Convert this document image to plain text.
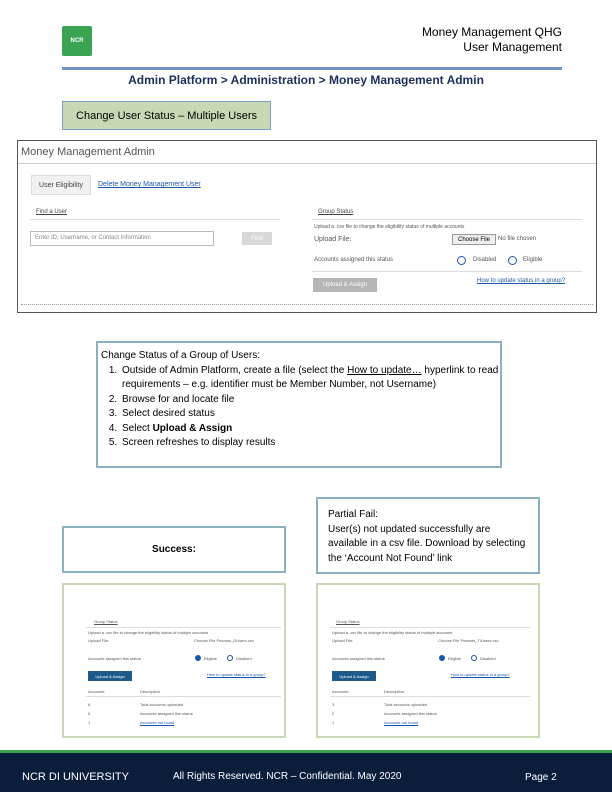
NCR
Money Management QHG
User Management
Admin Platform > Administration > Money Management Admin
Change User Status – Multiple Users
Money Management Admin
User Eligibility	Delete Money Management User
Find a User
Enter ID, Username, or Contact Information	Find
Group Status
Upload a .csv file to change the eligibility status of multiple accounts
Upload File:	Choose File	No file chosen
Accounts assigned this status	Disabled	Eligible
Upload & Assign
How to update status in a group?
Change Status of a Group of Users:
1. Outside of Admin Platform, create a file (select the How to update… hyperlink to read requirements – e.g. identifier must be Member Number, not Username)
2. Browse for and locate file
3. Select desired status
4. Select Upload & Assign
5. Screen refreshes to display results
Success:
Partial Fail:
User(s) not updated successfully are available in a csv file. Download by selecting the ‘Account Not Found’ link
Group Status
Upload a .csv file to change the eligibility status of multiple accounts
Upload File:	Choose File Peanuts_DUsers.csv
Accounts assigned this status	Eligible	Disabled
Upload & Assign	How to update status in a group?
Accounts	Description
6	Total accounts uploaded
5	Accounts assigned this status
1	Accounts not found
Group Status
Upload a .csv file to change the eligibility status of multiple accounts
Upload File:	Choose File Peanuts_TIUsers.csv
Accounts assigned this status	Eligible	Disabled
Upload & Assign	How to update status in a group?
Accounts	Description
3	Total accounts uploaded
2	Accounts assigned this status
1	Accounts not found
NCR DI UNIVERSITY	All Rights Reserved. NCR – Confidential. May 2020	Page 2
